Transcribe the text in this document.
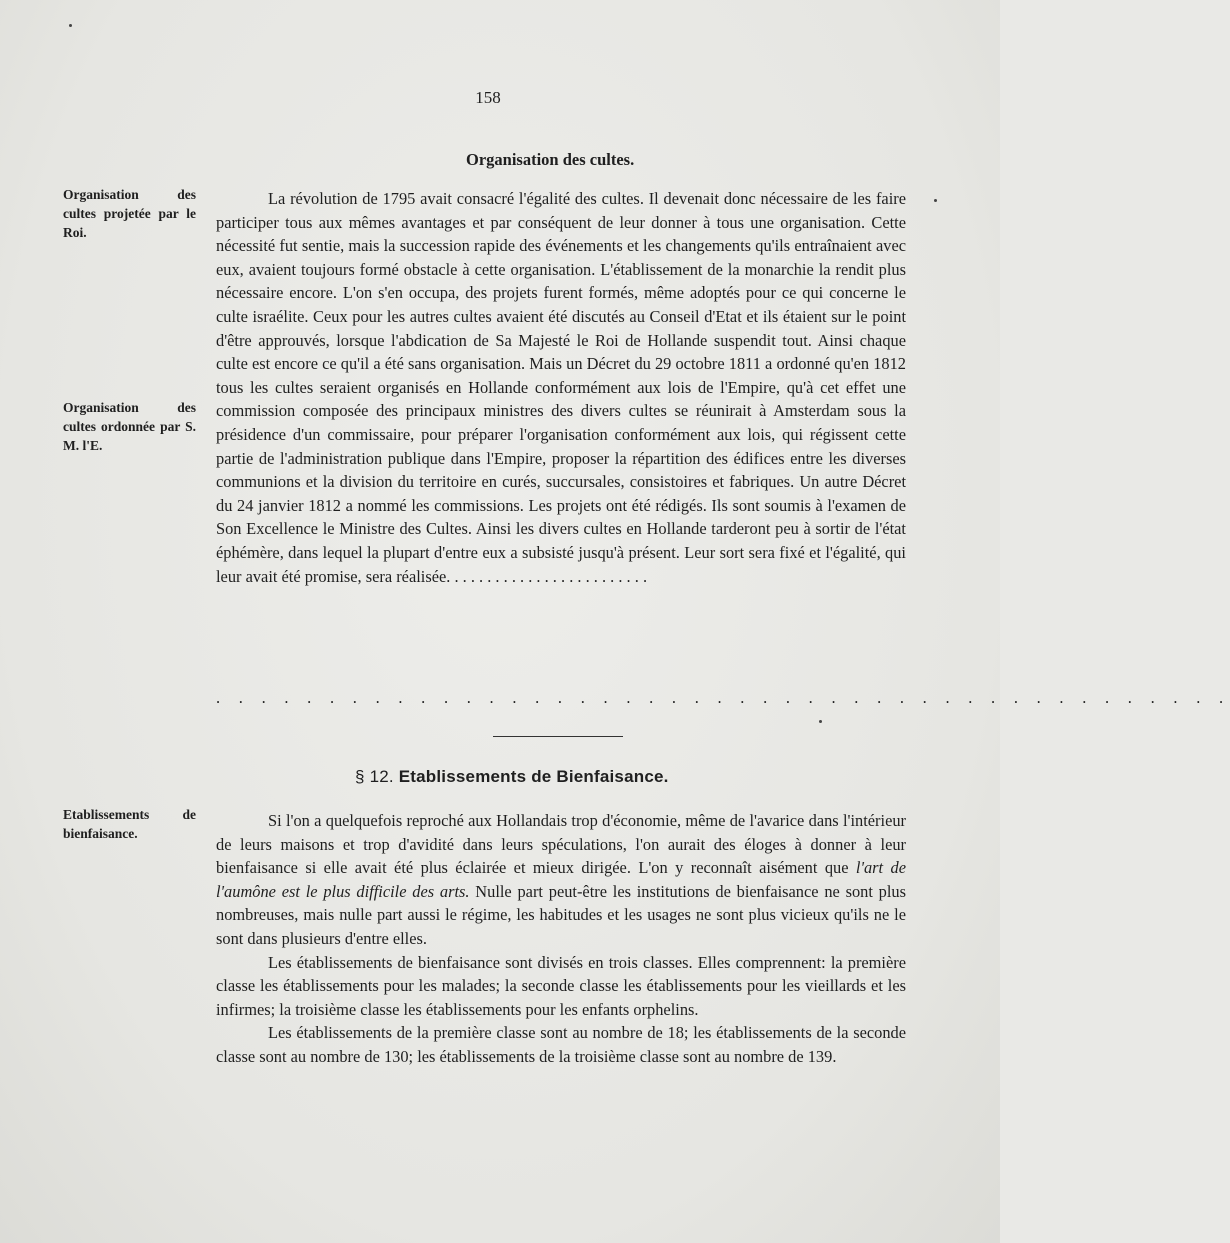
158
Organisation des cultes.
Organisation des cultes projetée par le Roi.
Organisation des cultes ordonnée par S. M. l'E.

La révolution de 1795 avait consacré l'égalité des cultes. Il devenait donc nécessaire de les faire participer tous aux mêmes avantages et par conséquent de leur donner à tous une organisation. Cette nécessité fut sentie, mais la succession rapide des événements et les changements qu'ils entraînaient avec eux, avaient toujours formé obstacle à cette organisation. L'établissement de la monarchie la rendit plus nécessaire encore. L'on s'en occupa, des projets furent formés, même adoptés pour ce qui concerne le culte israélite. Ceux pour les autres cultes avaient été discutés au Conseil d'Etat et ils étaient sur le point d'être approuvés, lorsque l'abdication de Sa Majesté le Roi de Hollande suspendit tout. Ainsi chaque culte est encore ce qu'il a été sans organisation. Mais un Décret du 29 octobre 1811 a ordonné qu'en 1812 tous les cultes seraient organisés en Hollande conformément aux lois de l'Empire, qu'à cet effet une commission composée des principaux ministres des divers cultes se réunirait à Amsterdam sous la présidence d'un commissaire, pour préparer l'organisation conformément aux lois, qui régissent cette partie de l'administration publique dans l'Empire, proposer la répartition des édifices entre les diverses communions et la division du territoire en curés, succursales, consistoires et fabriques. Un autre Décret du 24 janvier 1812 a nommé les commissions. Les projets ont été rédigés. Ils sont soumis à l'examen de Son Excellence le Ministre des Cultes. Ainsi les divers cultes en Hollande tarderont peu à sortir de l'état éphémère, dans lequel la plupart d'entre eux a subsisté jusqu'à présent. Leur sort sera fixé et l'égalité, qui leur avait été promise, sera réalisée. . . . . . . . . . . . . . . . . . . . . . . . .

. . . . . . . . . . . . . . . . . . . . . . . . . . . . . . . . . . . . . . . . . . . . .
§ 12. Etablissements de Bienfaisance.
Etablissements de bienfaisance.

Si l'on a quelquefois reproché aux Hollandais trop d'économie, même de l'avarice dans l'intérieur de leurs maisons et trop d'avidité dans leurs spéculations, l'on aurait des éloges à donner à leur bienfaisance si elle avait été plus éclairée et mieux dirigée. L'on y reconnaît aisément que l'art de l'aumône est le plus difficile des arts. Nulle part peut-être les institutions de bienfaisance ne sont plus nombreuses, mais nulle part aussi le régime, les habitudes et les usages ne sont plus vicieux qu'ils ne le sont dans plusieurs d'entre elles.

Les établissements de bienfaisance sont divisés en trois classes. Elles comprennent: la première classe les établissements pour les malades; la seconde classe les établissements pour les vieillards et les infirmes; la troisième classe les établissements pour les enfants orphelins.

Les établissements de la première classe sont au nombre de 18; les établissements de la seconde classe sont au nombre de 130; les établissements de la troisième classe sont au nombre de 139.
